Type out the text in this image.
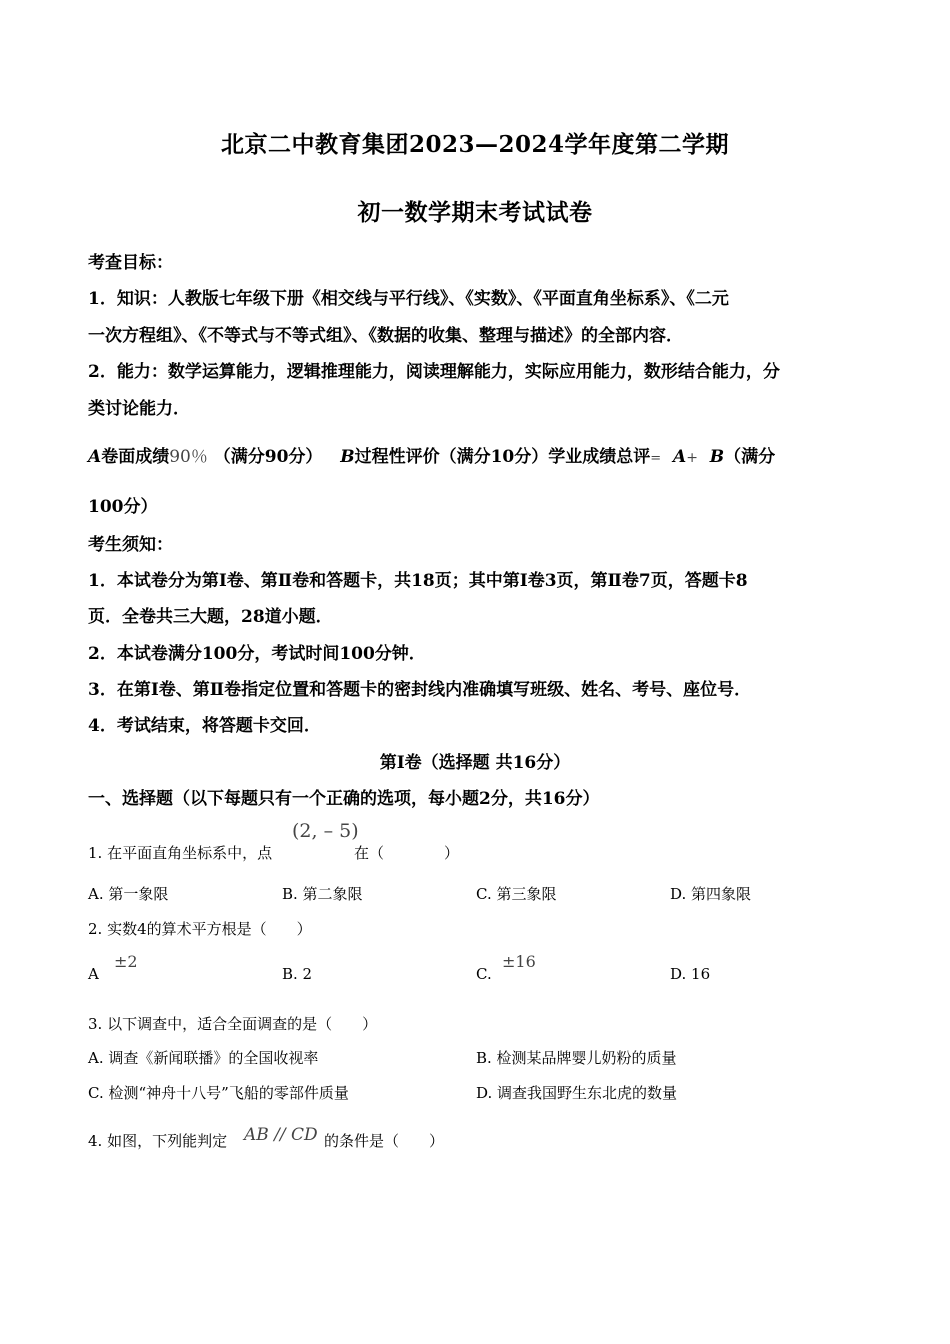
北京二中教育集团2023—2024学年度第二学期
初一数学期末考试试卷
考查目标：
1．知识：人教版七年级下册《相交线与平行线》、《实数》、《平面直角坐标系》、《二元
一次方程组》、《不等式与不等式组》、《数据的收集、整理与描述》的全部内容．
2．能力：数学运算能力，逻辑推理能力，阅读理解能力，实际应用能力，数形结合能力，分
类讨论能力．
A卷面成绩90％ （满分90分） B过程性评价（满分10分）学业成绩总评= A+ B（满分
100分）
考生须知：
1．本试卷分为第Ⅰ卷、第Ⅱ卷和答题卡，共18页；其中第Ⅰ卷3页，第Ⅱ卷7页，答题卡8
页．全卷共三大题，28道小题．
2．本试卷满分100分，考试时间100分钟．
3．在第Ⅰ卷、第Ⅱ卷指定位置和答题卡的密封线内准确填写班级、姓名、考号、座位号．
4．考试结束，将答题卡交回．
第Ⅰ卷（选择题 共16分）
一、选择题（以下每题只有一个正确的选项，每小题2分，共16分）
1. 在平面直角坐标系中，点
(2, – 5)
在（　　　　）
A. 第一象限	B. 第二象限	C. 第三象限	D. 第四象限
2. 实数4的算术平方根是（　　）
A
±2
B. 2	C.
±16
D. 16
3. 以下调查中，适合全面调查的是（　　）
A. 调查《新闻联播》的全国收视率	B. 检测某品牌婴儿奶粉的质量
C. 检测“神舟十八号”飞船的零部件质量	D. 调查我国野生东北虎的数量
4. 如图，下列能判定 AB // CD 的条件是（　　）
